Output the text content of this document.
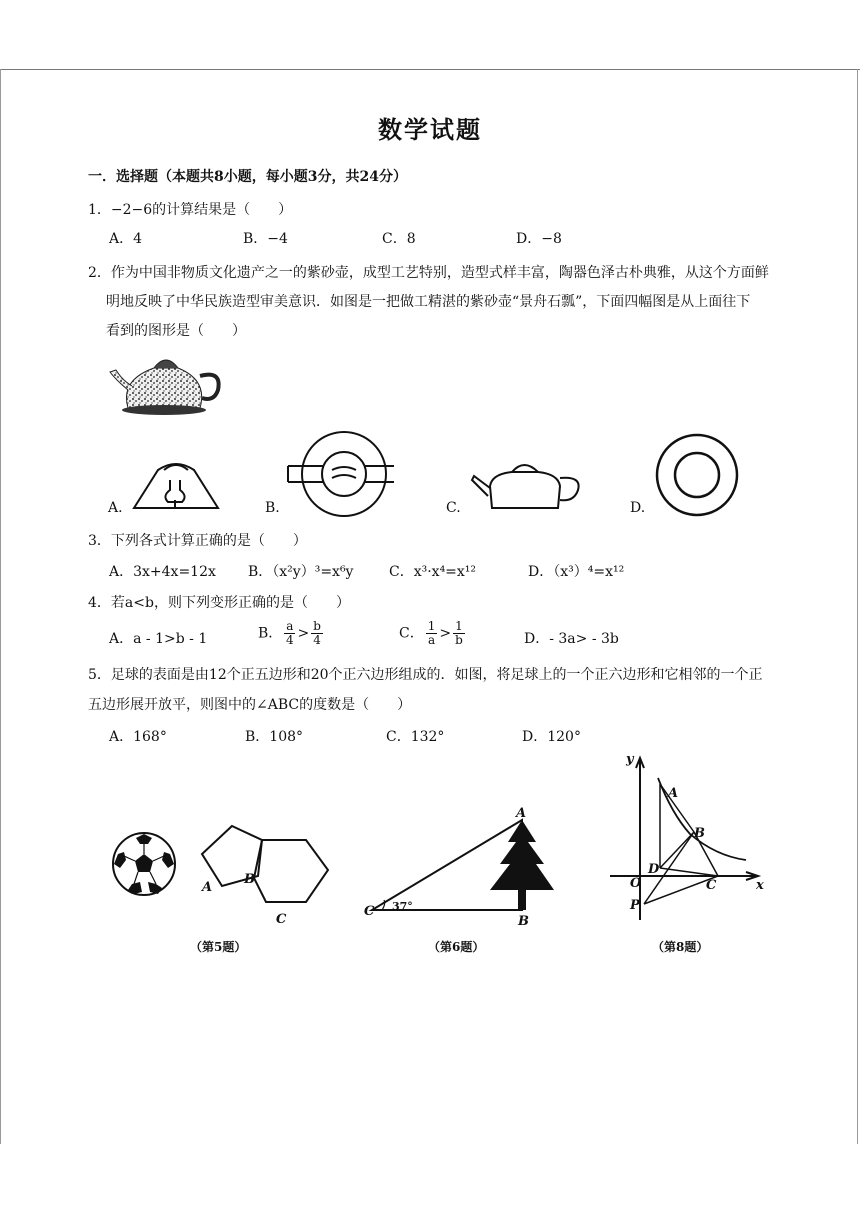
数学试题
一．选择题（本题共8小题，每小题3分，共24分）
1．−2−6的计算结果是（　　）
A．4	B．−4	C．8	D．−8
2．作为中国非物质文化遗产之一的紫砂壶，成型工艺特别，造型式样丰富，陶器色泽古朴典雅，从这个方面鲜
明地反映了中华民族造型审美意识．如图是一把做工精湛的紫砂壶“景舟石瓢”，下面四幅图是从上面往下
看到的图形是（　　）
A.	B.	C.	D.
3．下列各式计算正确的是（　　）
A．3x+4x=12x B．（x²y）³=x⁶y	C．x³·x⁴=x¹²	D．（x³）⁴=x¹²
4．若a<b，则下列变形正确的是（　　）
A．a - 1>b - 1	B． $\frac{a}{4} > \frac{b}{4}$	C． $\frac{1}{a} > \frac{1}{b}$	D．- 3a> - 3b
5．足球的表面是由12个正五边形和20个正六边形组成的．如图，将足球上的一个正六边形和它相邻的一个正
五边形展开放平，则图中的∠ABC的度数是（　　）
A．168°	B．108°	C．132°	D．120°
A
B
C
（第5题）
C
A
B
37°
（第6题）
y
x
A
B
C
D
O
P
（第8题）
